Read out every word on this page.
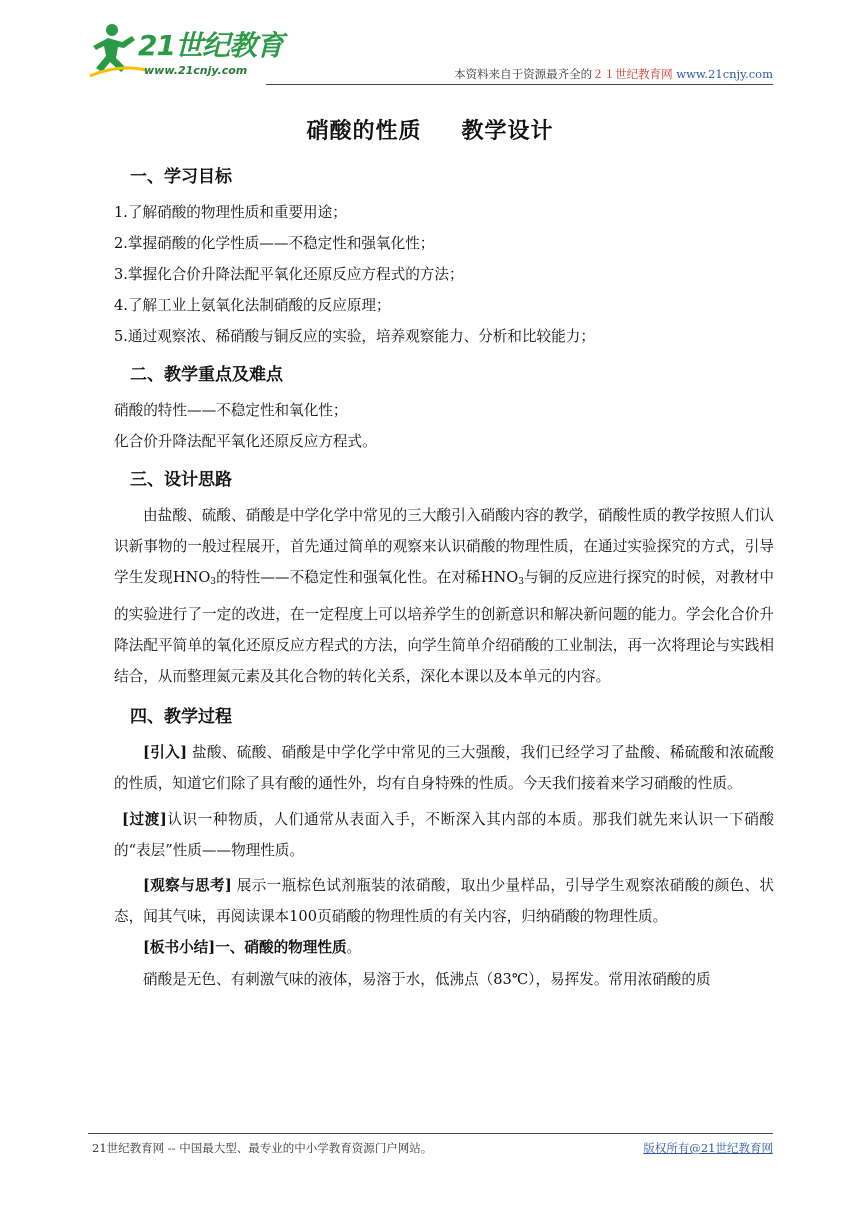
21世纪教育
www.21cnjy.com	本资料来自于资源最齐全的２１世纪教育网 www.21cnjy.com
硝酸的性质 教学设计
一、学习目标
1.了解硝酸的物理性质和重要用途；
2.掌握硝酸的化学性质——不稳定性和强氧化性；
3.掌握化合价升降法配平氧化还原反应方程式的方法；
4.了解工业上氨氧化法制硝酸的反应原理；
5.通过观察浓、稀硝酸与铜反应的实验，培养观察能力、分析和比较能力；
二、教学重点及难点
硝酸的特性——不稳定性和氧化性；
化合价升降法配平氧化还原反应方程式。
三、设计思路

由盐酸、硫酸、硝酸是中学化学中常见的三大酸引入硝酸内容的教学，硝酸性质的教学按照人们认识新事物的一般过程展开，首先通过简单的观察来认识硝酸的物理性质，在通过实验探究的方式，引导学生发现$HNO_3$的特性——不稳定性和强氧化性。在对稀$HNO_3$与铜的反应进行探究的时候，对教材中的实验进行了一定的改进，在一定程度上可以培养学生的创新意识和解决新问题的能力。学会化合价升降法配平简单的氧化还原反应方程式的方法，向学生简单介绍硝酸的工业制法，再一次将理论与实践相结合，从而整理氮元素及其化合物的转化关系，深化本课以及本单元的内容。

四、教学过程

[引入] 盐酸、硫酸、硝酸是中学化学中常见的三大强酸，我们已经学习了盐酸、稀硫酸和浓硫酸的性质，知道它们除了具有酸的通性外，均有自身特殊的性质。今天我们接着来学习硝酸的性质。

[过渡]认识一种物质，人们通常从表面入手，不断深入其内部的本质。那我们就先来认识一下硝酸的“表层”性质——物理性质。

[观察与思考] 展示一瓶棕色试剂瓶装的浓硝酸，取出少量样品，引导学生观察浓硝酸的颜色、状态，闻其气味，再阅读课本100页硝酸的物理性质的有关内容，归纳硝酸的物理性质。

[板书小结]一、硝酸的物理性质。

硝酸是无色、有刺激气味的液体，易溶于水，低沸点（83℃），易挥发。常用浓硝酸的质

21世纪教育网 -- 中国最大型、最专业的中小学教育资源门户网站。	版权所有@21世纪教育网
